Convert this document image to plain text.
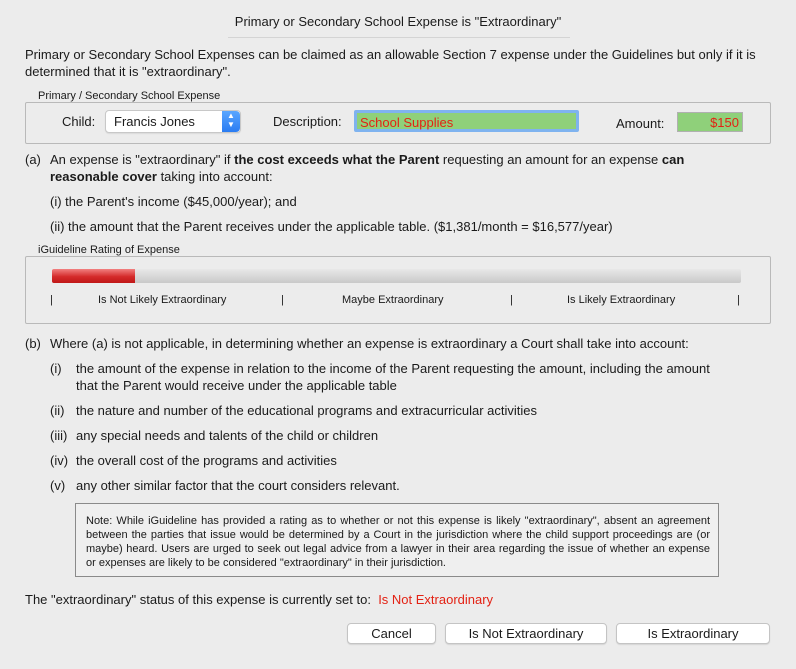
Primary or Secondary School Expense is "Extraordinary"
Primary or Secondary School Expenses can be claimed as an allowable Section 7 expense under the Guidelines but only if it is determined that it is "extraordinary".
Primary / Secondary School Expense
Child: Francis Jones	▲
▼	Description:	School Supplies	Amount:	$150
(a) An expense is "extraordinary" if the cost exceeds what the Parent requesting an amount for an expense can reasonable cover taking into account:
(i) the Parent's income ($45,000/year); and
(ii) the amount that the Parent receives under the applicable table. ($1,381/month = $16,577/year)
iGuideline Rating of Expense
|	Is Not Likely Extraordinary	|	Maybe Extraordinary	|	Is Likely Extraordinary	|
(b) Where (a) is not applicable, in determining whether an expense is extraordinary a Court shall take into account:
(i) the amount of the expense in relation to the income of the Parent requesting the amount, including the amount
that the Parent would receive under the applicable table
(ii) the nature and number of the educational programs and extracurricular activities
(iii) any special needs and talents of the child or children
(iv) the overall cost of the programs and activities
(v) any other similar factor that the court considers relevant.
Note: While iGuideline has provided a rating as to whether or not this expense is likely "extraordinary", absent an agreement between the parties that issue would be determined by a Court in the jurisdiction where the child support proceedings are (or maybe) heard. Users are urged to seek out legal advice from a lawyer in their area regarding the issue of whether an expense or expenses are likely to be considered "extraordinary" in their jurisdiction.
The "extraordinary" status of this expense is currently set to: Is Not Extraordinary
Cancel	Is Not Extraordinary	Is Extraordinary
